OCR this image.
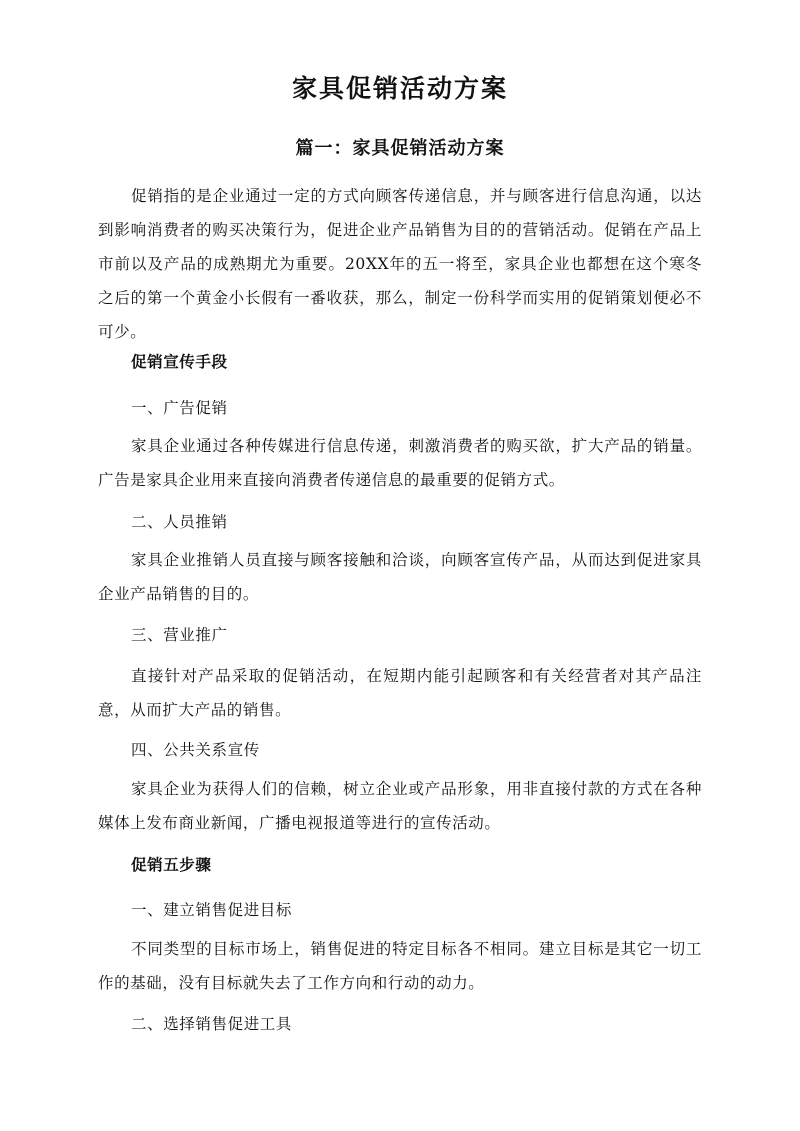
家具促销活动方案
篇一：家具促销活动方案

促销指的是企业通过一定的方式向顾客传递信息，并与顾客进行信息沟通，以达到影响消费者的购买决策行为，促进企业产品销售为目的的营销活动。促销在产品上市前以及产品的成熟期尤为重要。20XX年的五一将至，家具企业也都想在这个寒冬之后的第一个黄金小长假有一番收获，那么，制定一份科学而实用的促销策划便必不可少。

促销宣传手段
一、广告促销

家具企业通过各种传媒进行信息传递，刺激消费者的购买欲，扩大产品的销量。广告是家具企业用来直接向消费者传递信息的最重要的促销方式。

二、人员推销

家具企业推销人员直接与顾客接触和洽谈，向顾客宣传产品，从而达到促进家具企业产品销售的目的。

三、营业推广

直接针对产品采取的促销活动，在短期内能引起顾客和有关经营者对其产品注意，从而扩大产品的销售。

四、公共关系宣传

家具企业为获得人们的信赖，树立企业或产品形象，用非直接付款的方式在各种媒体上发布商业新闻，广播电视报道等进行的宣传活动。

促销五步骤
一、建立销售促进目标

不同类型的目标市场上，销售促进的特定目标各不相同。建立目标是其它一切工作的基础，没有目标就失去了工作方向和行动的动力。

二、选择销售促进工具
